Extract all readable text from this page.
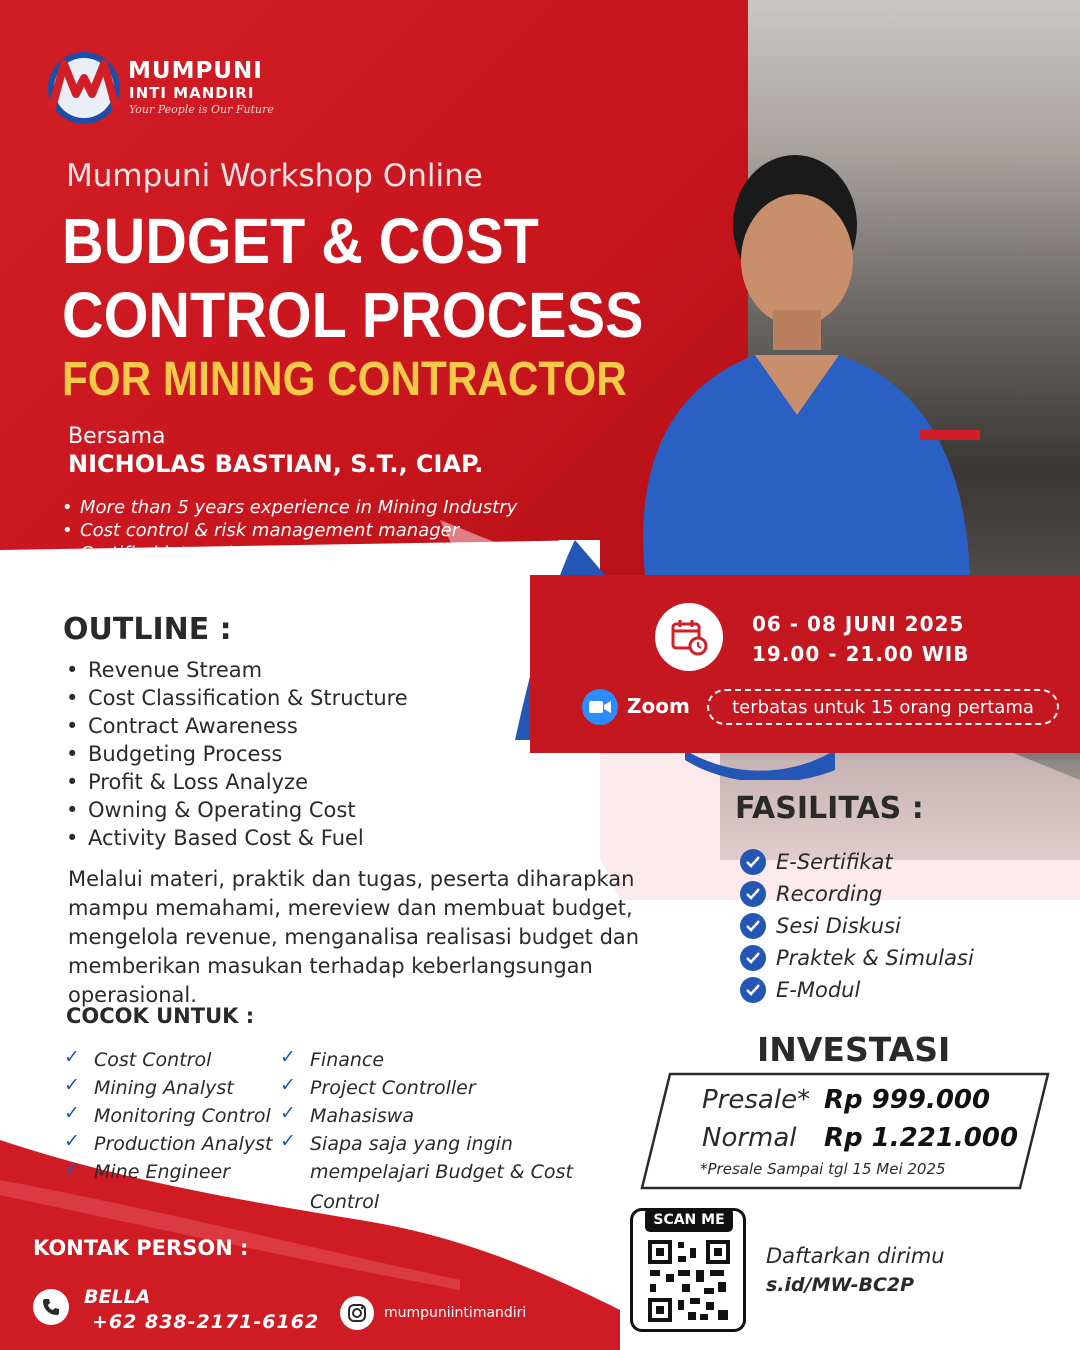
MUMPUNI
INTI MANDIRI
Your People is Our Future
Mumpuni Workshop Online
BUDGET & COST CONTROL PROCESS
FOR MINING CONTRACTOR
Bersama
NICHOLAS BASTIAN, S.T., CIAP.
• More than 5 years experience in Mining Industry
• Cost control & risk management manager
• Certified internal audit profesional
06 - 08 JUNI 2025
19.00 - 21.00 WIB
Zoom	terbatas untuk 15 orang pertama
OUTLINE :
• Revenue Stream
• Cost Classification & Structure
• Contract Awareness
• Budgeting Process
• Profit & Loss Analyze
• Owning & Operating Cost
• Activity Based Cost & Fuel
Melalui materi, praktik dan tugas, peserta diharapkan mampu memahami, mereview dan membuat budget, mengelola revenue, menganalisa realisasi budget dan memberikan masukan terhadap keberlangsungan operasional.
FASILITAS :
E-Sertifikat
Recording
Sesi Diskusi
Praktek & Simulasi
E-Modul
INVESTASI
Presale* Rp 999.000
Normal Rp 1.221.000
*Presale Sampai tgl 15 Mei 2025
COCOK UNTUK :
✓ Cost Control
✓ Mining Analyst
✓ Monitoring Control
✓ Production Analyst
✓ Mine Engineer
✓ Finance
✓ Project Controller
✓ Mahasiswa
✓ Siapa saja yang ingin
mempelajari Budget & Cost
Control
KONTAK PERSON :
BELLA
+62 838-2171-6162	mumpuniintimandiri
SCAN ME
Daftarkan dirimu
s.id/MW-BC2P
